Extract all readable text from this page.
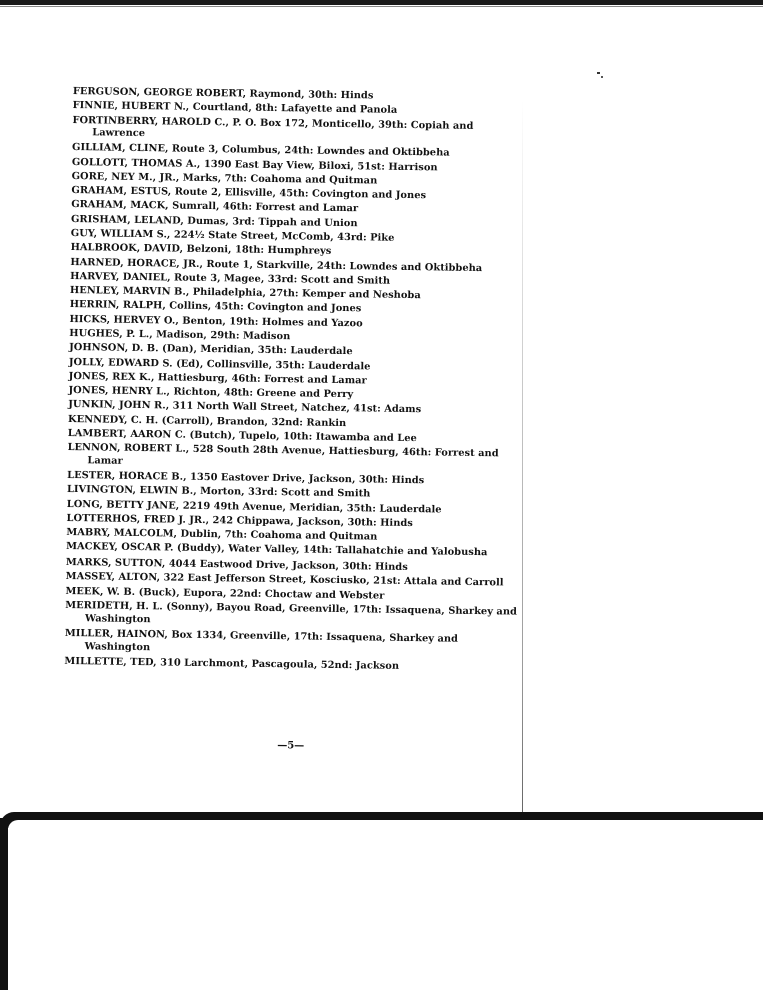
FERGUSON, GEORGE ROBERT, Raymond, 30th: Hinds
FINNIE, HUBERT N., Courtland, 8th: Lafayette and Panola
FORTINBERRY, HAROLD C., P. O. Box 172, Monticello, 39th: Copiah and Lawrence
GILLIAM, CLINE, Route 3, Columbus, 24th: Lowndes and Oktibbeha
GOLLOTT, THOMAS A., 1390 East Bay View, Biloxi, 51st: Harrison
GORE, NEY M., JR., Marks, 7th: Coahoma and Quitman
GRAHAM, ESTUS, Route 2, Ellisville, 45th: Covington and Jones
GRAHAM, MACK, Sumrall, 46th: Forrest and Lamar
GRISHAM, LELAND, Dumas, 3rd: Tippah and Union
GUY, WILLIAM S., 224½ State Street, McComb, 43rd: Pike
HALBROOK, DAVID, Belzoni, 18th: Humphreys
HARNED, HORACE, JR., Route 1, Starkville, 24th: Lowndes and Oktibbeha
HARVEY, DANIEL, Route 3, Magee, 33rd: Scott and Smith
HENLEY, MARVIN B., Philadelphia, 27th: Kemper and Neshoba
HERRIN, RALPH, Collins, 45th: Covington and Jones
HICKS, HERVEY O., Benton, 19th: Holmes and Yazoo
HUGHES, P. L., Madison, 29th: Madison
JOHNSON, D. B. (Dan), Meridian, 35th: Lauderdale
JOLLY, EDWARD S. (Ed), Collinsville, 35th: Lauderdale
JONES, REX K., Hattiesburg, 46th: Forrest and Lamar
JONES, HENRY L., Richton, 48th: Greene and Perry
JUNKIN, JOHN R., 311 North Wall Street, Natchez, 41st: Adams
KENNEDY, C. H. (Carroll), Brandon, 32nd: Rankin
LAMBERT, AARON C. (Butch), Tupelo, 10th: Itawamba and Lee
LENNON, ROBERT L., 528 South 28th Avenue, Hattiesburg, 46th: Forrest and Lamar
LESTER, HORACE B., 1350 Eastover Drive, Jackson, 30th: Hinds
LIVINGTON, ELWIN B., Morton, 33rd: Scott and Smith
LONG, BETTY JANE, 2219 49th Avenue, Meridian, 35th: Lauderdale
LOTTERHOS, FRED J. JR., 242 Chippawa, Jackson, 30th: Hinds
MABRY, MALCOLM, Dublin, 7th: Coahoma and Quitman
MACKEY, OSCAR P. (Buddy), Water Valley, 14th: Tallahatchie and Yalobusha
MARKS, SUTTON, 4044 Eastwood Drive, Jackson, 30th: Hinds
MASSEY, ALTON, 322 East Jefferson Street, Kosciusko, 21st: Attala and Carroll
MEEK, W. B. (Buck), Eupora, 22nd: Choctaw and Webster
MERIDETH, H. L. (Sonny), Bayou Road, Greenville, 17th: Issaquena, Sharkey and Washington
MILLER, HAINON, Box 1334, Greenville, 17th: Issaquena, Sharkey and Washington
MILLETTE, TED, 310 Larchmont, Pascagoula, 52nd: Jackson
—5—
